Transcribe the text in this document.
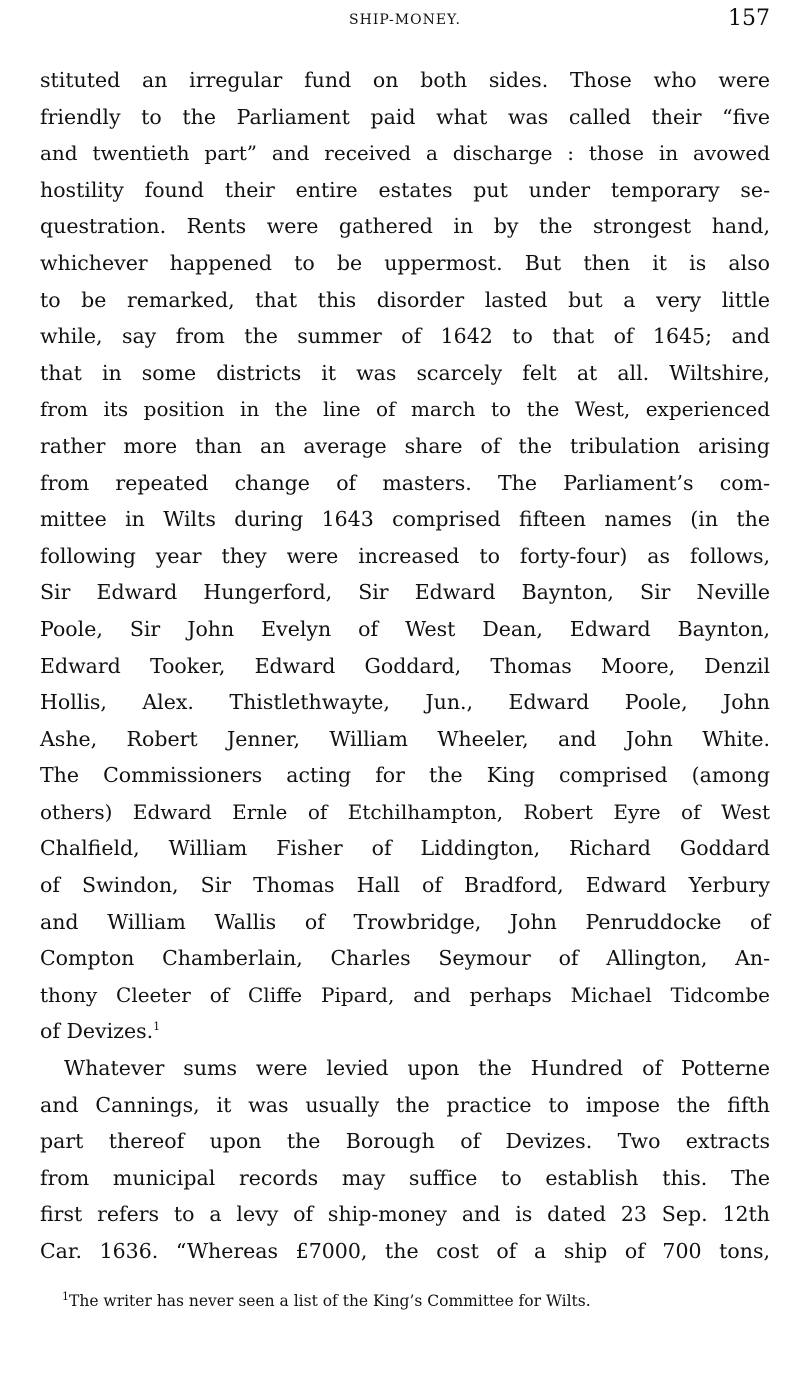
SHIP-MONEY.	157
stituted an irregular fund on both sides. Those who were
friendly to the Parliament paid what was called their “five
and twentieth part” and received a discharge : those in avowed
hostility found their entire estates put under temporary se-
questration. Rents were gathered in by the strongest hand,
whichever happened to be uppermost. But then it is also
to be remarked, that this disorder lasted but a very little
while, say from the summer of 1642 to that of 1645; and
that in some districts it was scarcely felt at all. Wiltshire,
from its position in the line of march to the West, experienced
rather more than an average share of the tribulation arising
from repeated change of masters. The Parliament’s com-
mittee in Wilts during 1643 comprised fifteen names (in the
following year they were increased to forty-four) as follows,
Sir Edward Hungerford, Sir Edward Baynton, Sir Neville
Poole, Sir John Evelyn of West Dean, Edward Baynton,
Edward Tooker, Edward Goddard, Thomas Moore, Denzil
Hollis, Alex. Thistlethwayte, Jun., Edward Poole, John
Ashe, Robert Jenner, William Wheeler, and John White.
The Commissioners acting for the King comprised (among
others) Edward Ernle of Etchilhampton, Robert Eyre of West
Chalfield, William Fisher of Liddington, Richard Goddard
of Swindon, Sir Thomas Hall of Bradford, Edward Yerbury
and William Wallis of Trowbridge, John Penruddocke of
Compton Chamberlain, Charles Seymour of Allington, An-
thony Cleeter of Cliffe Pipard, and perhaps Michael Tidcombe
of Devizes.$^1$
Whatever sums were levied upon the Hundred of Potterne
and Cannings, it was usually the practice to impose the fifth
part thereof upon the Borough of Devizes. Two extracts
from municipal records may suffice to establish this. The
first refers to a levy of ship-money and is dated 23 Sep. 12th
Car. 1636. “Whereas £7000, the cost of a ship of 700 tons,
$^1$The writer has never seen a list of the King’s Committee for Wilts.
